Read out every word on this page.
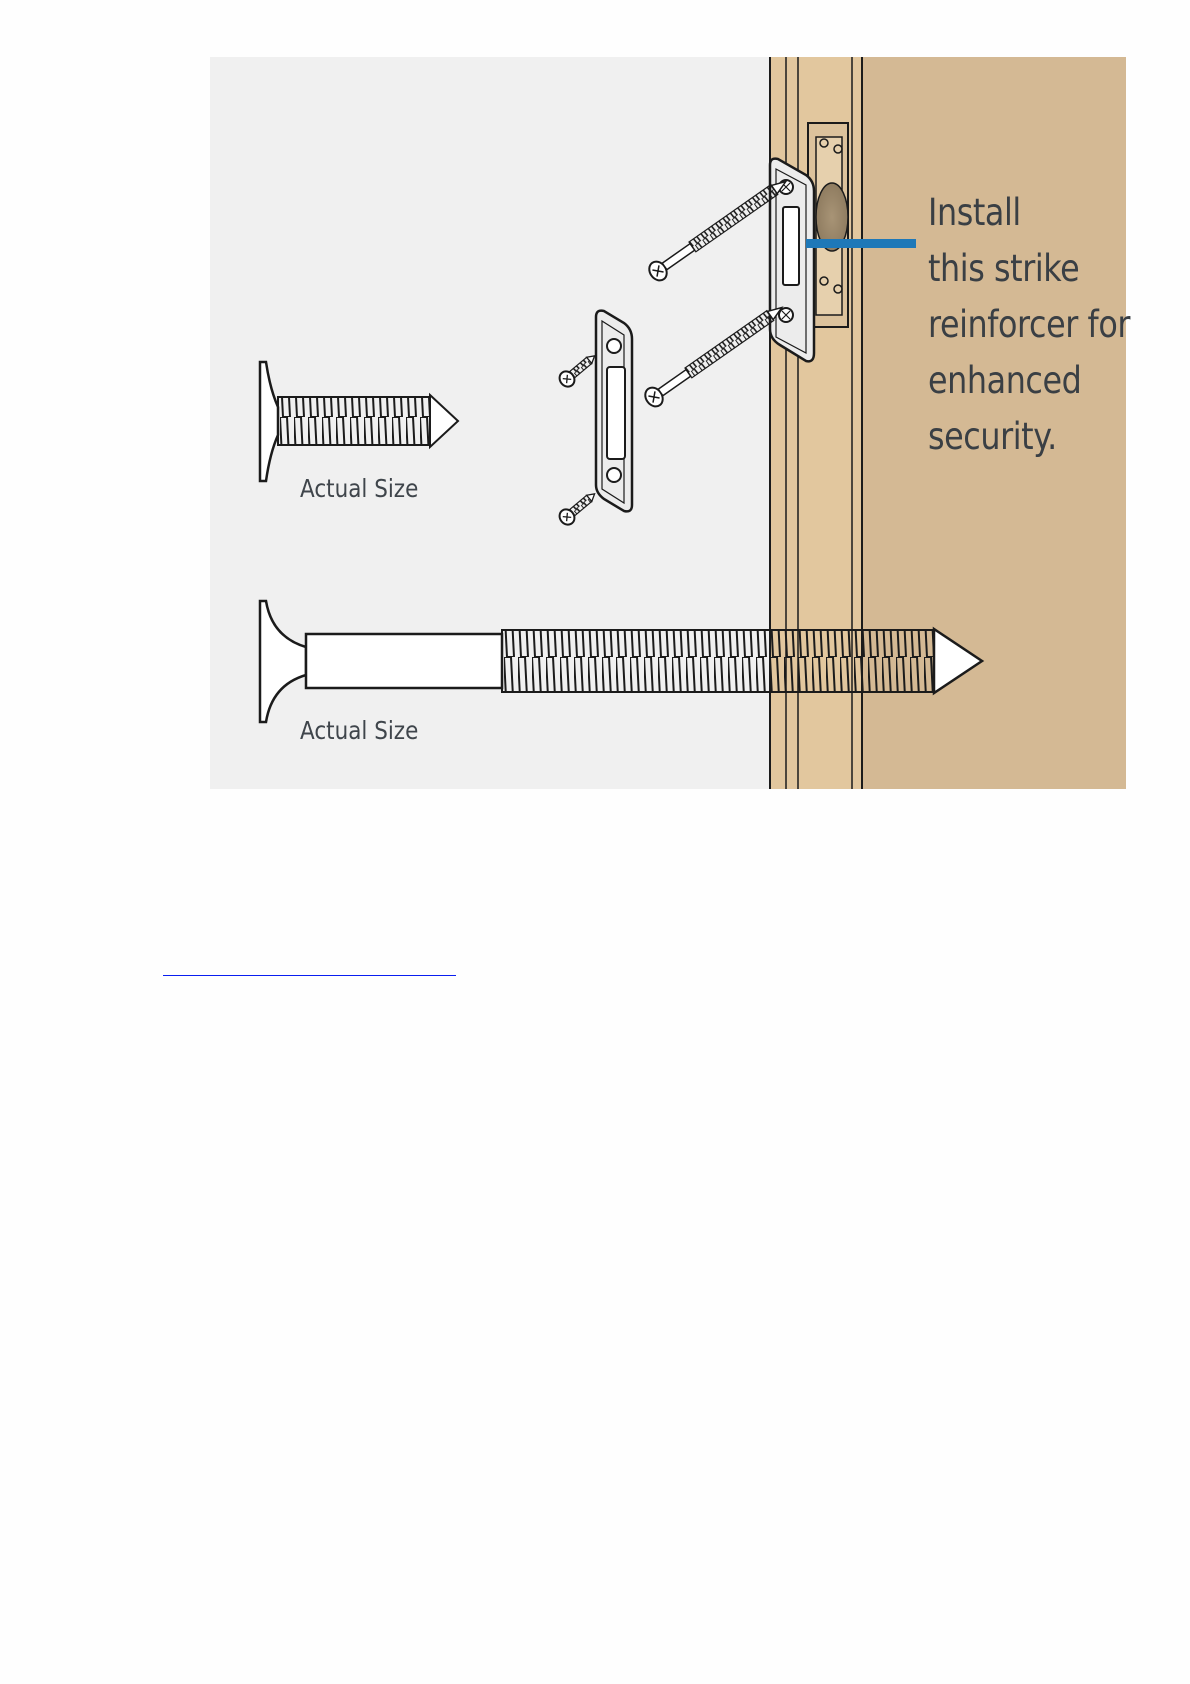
Install
this strike
reinforcer for
enhanced
security.
Actual Size
Actual Size
